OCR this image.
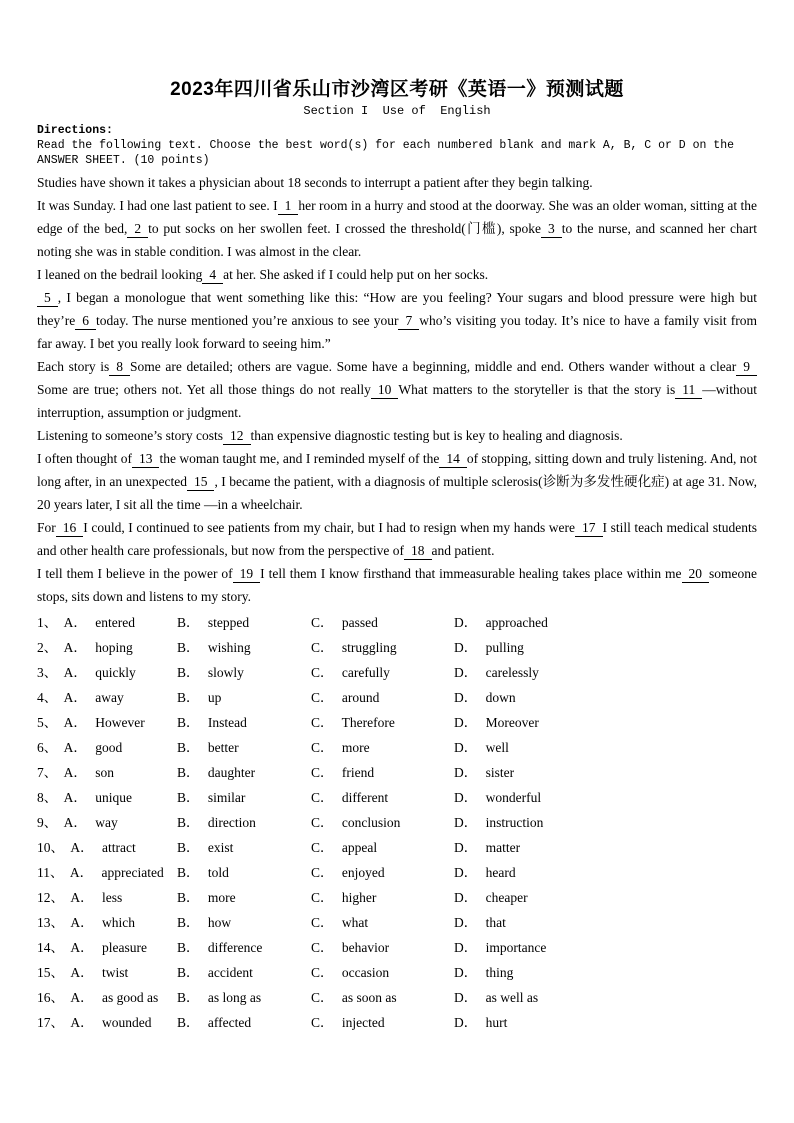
2023年四川省乐山市沙湾区考研《英语一》预测试题
Section I  Use of  English
Directions:
Read the following text. Choose the best word(s) for each numbered blank and mark A, B, C or D on the ANSWER SHEET. (10 points)

Studies have shown it takes a physician about 18 seconds to interrupt a patient after they begin talking.

It was Sunday. I had one last patient to see. I 1 her room in a hurry and stood at the doorway. She was an older woman, sitting at the edge of the bed, 2 to put socks on her swollen feet. I crossed the threshold(门槛), spoke 3 to the nurse, and scanned her chart noting she was in stable condition. I was almost in the clear.

I leaned on the bedrail looking 4 at her. She asked if I could help put on her socks.

5 , I began a monologue that went something like this: “How are you feeling? Your sugars and blood pressure were high but they’re 6 today. The nurse mentioned you’re anxious to see your 7 who’s visiting you today. It’s nice to have a family visit from far away. I bet you really look forward to seeing him.”

Each story is 8 Some are detailed; others are vague. Some have a beginning, middle and end. Others wander without a clear 9Some are true; others not. Yet all those things do not really 10 What matters to the storyteller is that the story is 11 —without interruption, assumption or judgment.

Listening to someone’s story costs 12 than expensive diagnostic testing but is key to healing and diagnosis.

I often thought of 13 the woman taught me, and I reminded myself of the 14 of stopping, sitting down and truly listening. And, not long after, in an unexpected 15 , I became the patient, with a diagnosis of multiple sclerosis(诊断为多发性硬化症) at age 31. Now, 20 years later, I sit all the time —in a wheelchair.

For 16 I could, I continued to see patients from my chair, but I had to resign when my hands were 17 I still teach medical students and other health care professionals, but now from the perspective of 18 and patient.

I tell them I believe in the power of 19 I tell them I know firsthand that immeasurable healing takes place within me 20 someone stops, sits down and listens to my story.

1、 A． entered	B． stepped	C． passed	D． approached
2、 A． hoping	B． wishing	C． struggling	D． pulling
3、 A． quickly	B． slowly	C． carefully	D． carelessly
4、 A． away	B． up	C． around	D． down
5、 A． However	B． Instead	C． Therefore	D． Moreover
6、 A． good	B． better	C． more	D． well
7、 A． son	B． daughter	C． friend	D． sister
8、 A． unique	B． similar	C． different	D． wonderful
9、 A． way	B． direction	C． conclusion	D． instruction
10、 A． attract	B． exist	C． appeal	D． matter
11、 A． appreciated B． told	C． enjoyed	D． heard
12、 A． less	B． more	C． higher	D． cheaper
13、 A． which	B． how	C． what	D． that
14、 A． pleasure	B． difference	C． behavior	D． importance
15、 A． twist	B． accident	C． occasion	D． thing
16、 A． as good as	B． as long as	C． as soon as	D． as well as
17、 A． wounded	B． affected	C． injected	D． hurt
